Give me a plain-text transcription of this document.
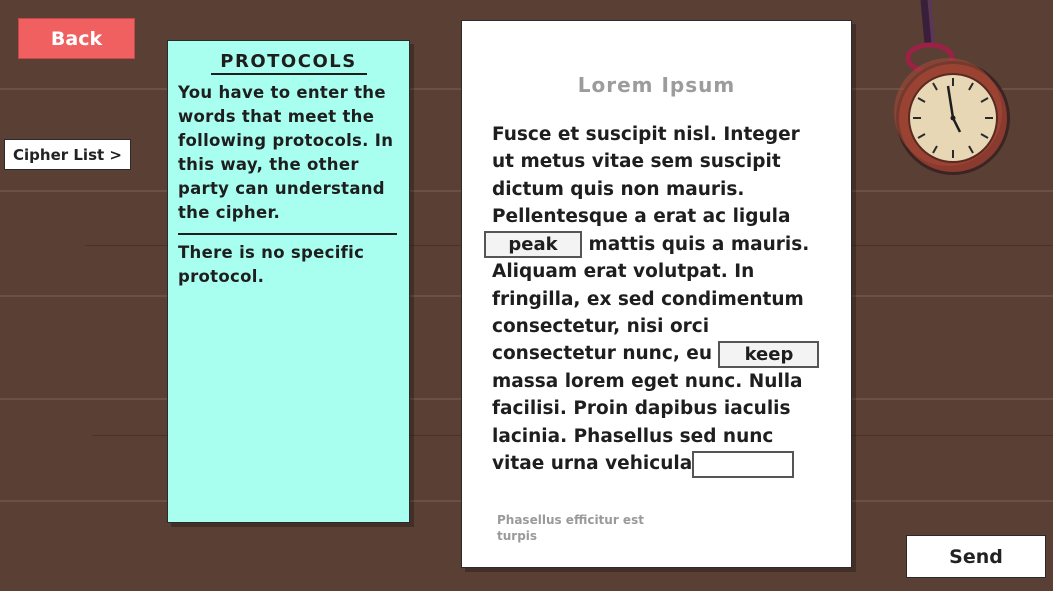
Back
Cipher List >
PROTOCOLS
You have to enter the words that meet the following protocols. In this way, the other party can understand the cipher.
There is no specific protocol.
Lorem Ipsum
Fusce et suscipit nisl. Integer ut metus vitae sem suscipit dictum quis non mauris. Pellentesque a erat ac ligula
peak mattis quis a mauris. Aliquam erat volutpat. In fringilla, ex sed condimentum consectetur, nisi orci consectetur nunc, eu keep massa lorem eget nunc. Nulla facilisi. Proin dapibus iaculis lacinia. Phasellus sed nunc vitae urna vehicula
Phasellus efficitur est turpis
Send
